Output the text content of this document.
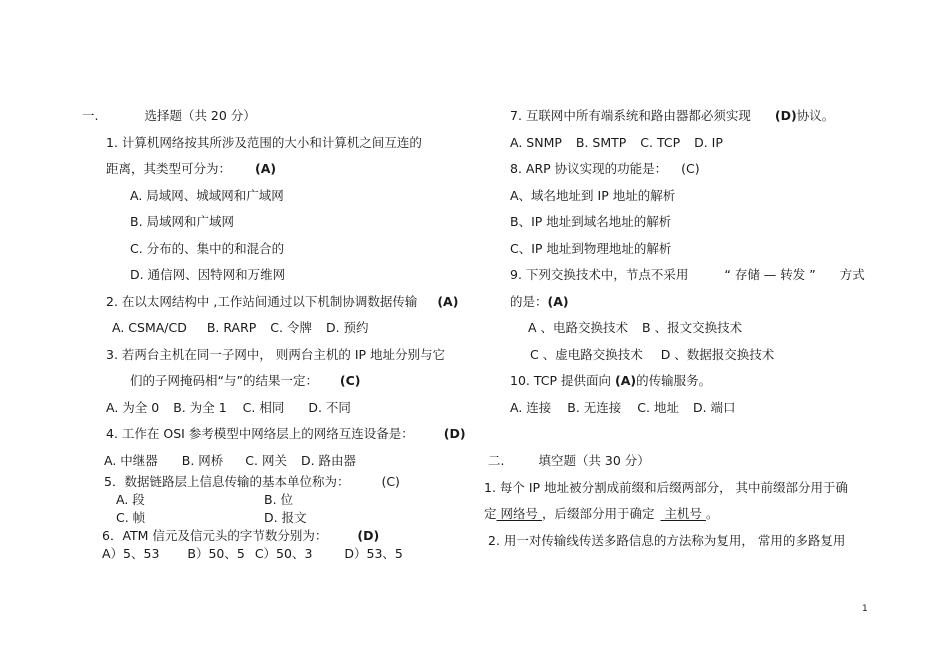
一.	选择题（共 20 分）
1. 计算机网络按其所涉及范围的大小和计算机之间互连的
距离，其类型可分为： (A)
A. 局域网、城域网和广域网
B. 局域网和广域网
C. 分布的、集中的和混合的
D. 通信网、因特网和万维网
2. 在以太网结构中 ,工作站间通过以下机制协调数据传输 (A)
A. CSMA/CD B. RARP C. 令牌 D. 预约
3. 若两台主机在同一子网中， 则两台主机的 IP 地址分别与它
们的子网掩码相“与”的结果一定： (C)
A. 为全 0 B. 为全 1 C. 相同 D. 不同
4. 工作在 OSI 参考模型中网络层上的网络互连设备是： (D)
A. 中继器 B. 网桥 C. 网关 D. 路由器
5．数据链路层上信息传输的基本单位称为：	(C)
A. 段	B. 位
C. 帧	D. 报文
6．ATM 信元及信元头的字节数分别为： (D)
A）5、53 B）50、5 C）50、3	D）53、5
7. 互联网中所有端系统和路由器都必须实现 (D)协议。
A. SNMP B. SMTP C. TCP D. IP
8. ARP 协议实现的功能是： (C)
A、域名地址到 IP 地址的解析
B、IP 地址到域名地址的解析
C、IP 地址到物理地址的解析
9. 下列交换技术中，节点不采用	“ 存储 — 转发 ” 方式
的是：(A)
A 、电路交换技术 B 、报文交换技术
C 、虚电路交换技术 D 、数据报交换技术
10. TCP 提供面向 (A)的传输服务。
A. 连接 B. 无连接 C. 地址 D. 端口
二.	填空题（共 30 分）
1. 每个 IP 地址被分割成前缀和后缀两部分， 其中前缀部分用于确
定 网络号 ，后缀部分用于确定 主机号 。
2. 用一对传输线传送多路信息的方法称为复用， 常用的多路复用
1
